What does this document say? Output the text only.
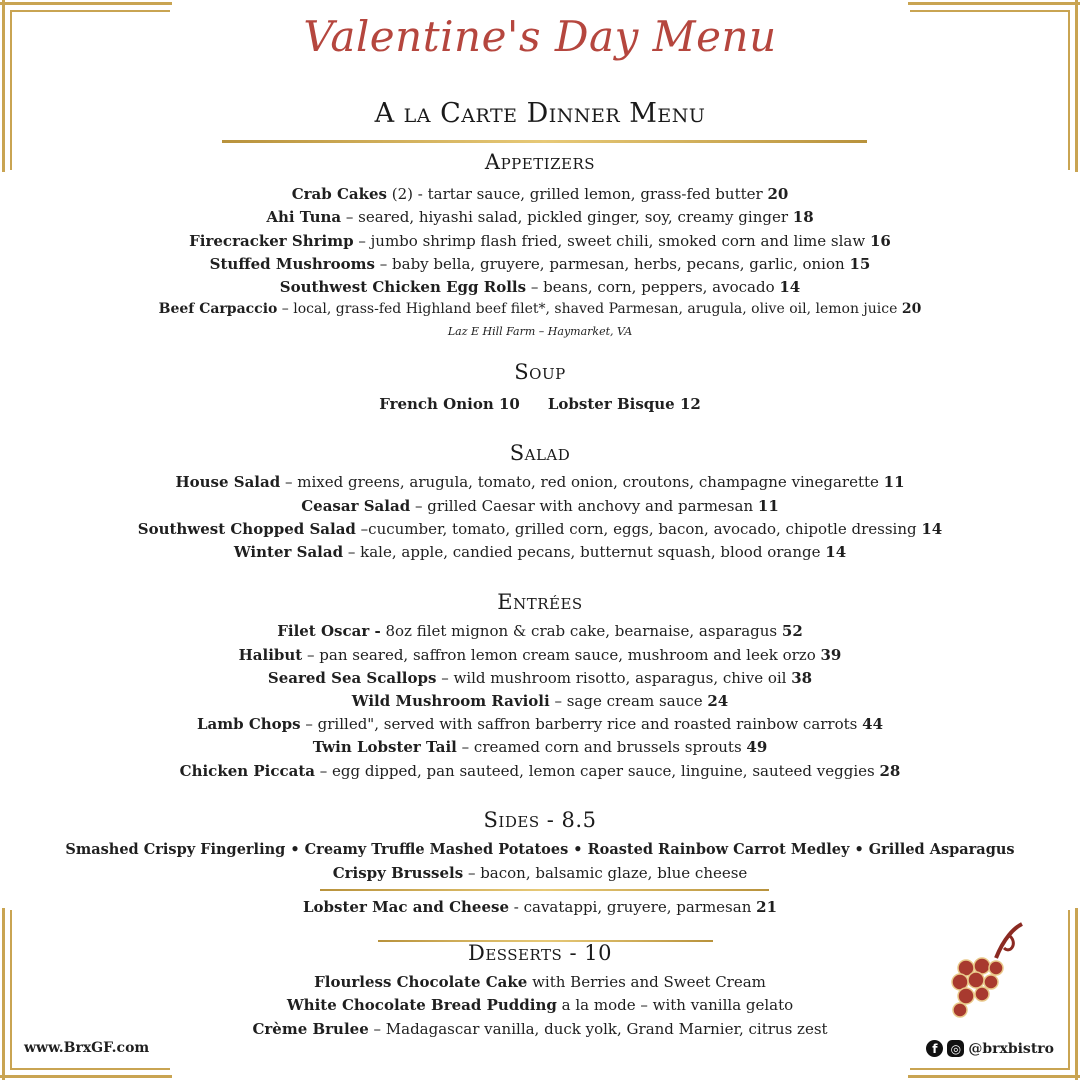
Valentine's Day Menu
A la Carte Dinner Menu
Appetizers
Crab Cakes (2) - tartar sauce, grilled lemon, grass-fed butter 20
Ahi Tuna – seared, hiyashi salad, pickled ginger, soy, creamy ginger 18
Firecracker Shrimp – jumbo shrimp flash fried, sweet chili, smoked corn and lime slaw 16
Stuffed Mushrooms – baby bella, gruyere, parmesan, herbs, pecans, garlic, onion 15
Southwest Chicken Egg Rolls – beans, corn, peppers, avocado 14
Beef Carpaccio – local, grass-fed Highland beef filet*, shaved Parmesan, arugula, olive oil, lemon juice 20
Laz E Hill Farm – Haymarket, VA
Soup
French Onion 10 Lobster Bisque 12
Salad
House Salad – mixed greens, arugula, tomato, red onion, croutons, champagne vinegarette 11
Ceasar Salad – grilled Caesar with anchovy and parmesan 11
Southwest Chopped Salad –cucumber, tomato, grilled corn, eggs, bacon, avocado, chipotle dressing 14
Winter Salad – kale, apple, candied pecans, butternut squash, blood orange 14
Entrées
Filet Oscar - 8oz filet mignon & crab cake, bearnaise, asparagus 52
Halibut – pan seared, saffron lemon cream sauce, mushroom and leek orzo 39
Seared Sea Scallops – wild mushroom risotto, asparagus, chive oil 38
Wild Mushroom Ravioli – sage cream sauce 24
Lamb Chops – grilled", served with saffron barberry rice and roasted rainbow carrots 44
Twin Lobster Tail – creamed corn and brussels sprouts 49
Chicken Piccata – egg dipped, pan sauteed, lemon caper sauce, linguine, sauteed veggies 28
Sides - 8.5
Smashed Crispy Fingerling • Creamy Truffle Mashed Potatoes • Roasted Rainbow Carrot Medley • Grilled Asparagus
Crispy Brussels – bacon, balsamic glaze, blue cheese
Lobster Mac and Cheese - cavatappi, gruyere, parmesan 21
Desserts - 10
Flourless Chocolate Cake with Berries and Sweet Cream
White Chocolate Bread Pudding a la mode – with vanilla gelato
Crème Brulee – Madagascar vanilla, duck yolk, Grand Marnier, citrus zest
www.BrxGF.com	f	◎ @brxbistro
